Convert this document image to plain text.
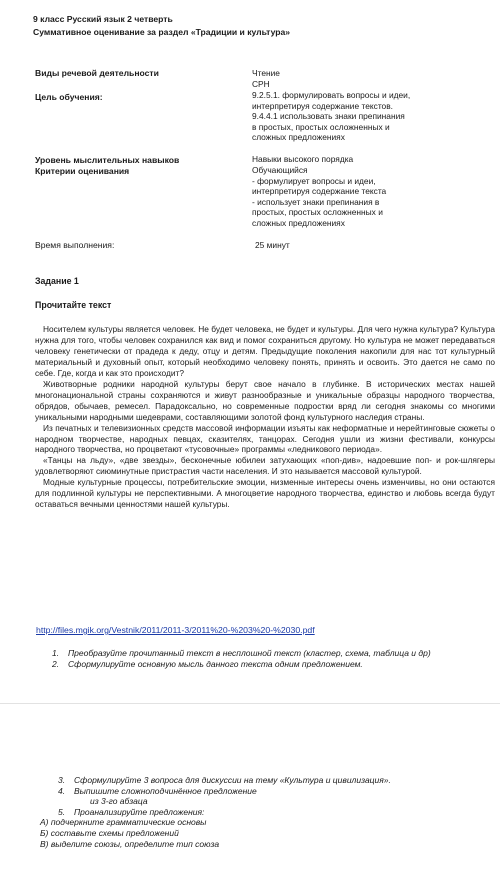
9 класс Русский язык 2 четверть
Суммативное оценивание за раздел «Традиции и культура»
Виды речевой деятельности	Чтение
СРН
Цель обучения:	9.2.5.1. формулировать вопросы и идеи,
интерпретируя содержание текстов.
9.4.4.1 использовать знаки препинания
в простых, простых осложненных и
сложных предложениях
Уровень мыслительных навыков	Навыки высокого порядка
Критерии оценивания	Обучающийся
- формулирует вопросы и идеи,
интерпретируя содержание текста
- использует знаки препинания в
простых, простых осложненных и
сложных предложениях
Время выполнения:	25 минут
Задание 1
Прочитайте текст

Носителем культуры является человек. Не будет человека, не будет и культуры. Для чего нужна культура? Культура нужна для того, чтобы человек сохранился как вид и помог сохраниться другому. Но культура не может передаваться человеку генетически от прадеда к деду, отцу и детям. Предыдущие поколения накопили для нас тот культурный материальный и духовный опыт, который необходимо человеку понять, принять и освоить. Это дается не само по себе. Где, когда и как это происходит?

Животворные родники народной культуры берут свое начало в глубинке. В исторических местах нашей многонациональной страны сохраняются и живут разнообразные и уникальные образцы народного творчества, обрядов, обычаев, ремесел. Парадоксально, но современные подростки вряд ли сегодня знакомы со многими уникальными народными шедеврами, составляющими золотой фонд культурного наследия страны.

Из печатных и телевизионных средств массовой информации изъяты как неформатные и нерейтинговые сюжеты о народном творчестве, народных певцах, сказителях, танцорах. Сегодня ушли из жизни фестивали, конкурсы народного творчества, но процветают «тусовочные» программы «ледникового периода».

«Танцы на льду», «две звезды», бесконечные юбилеи затухающих «поп-див», надоевшие поп- и рок-шлягеры удовлетворяют сиюминутные пристрастия части населения. И это называется массовой культурой.

Модные культурные процессы, потребительские эмоции, низменные интересы очень изменчивы, но они остаются для подлинной культуры не перспективными. А многоцветие народного творчества, единство и любовь всегда будут оставаться вечными ценностями нашей культуры.

http://files.mgik.org/Vestnik/2011/2011-3/2011%20-%203%20-%2030.pdf
1.	Преобразуйте прочитанный текст в несплошной текст (кластер, схема, таблица и др)
2.	Сформулируйте основную мысль данного текста одним предложением.
3.	Сформулируйте 3 вопроса для дискуссии на тему «Культура и цивилизация».
4.	Выпишите сложноподчинённое предложение
из 3-го абзаца
5.	Проанализируйте предложения:
А) подчеркните грамматические основы
Б) составьте схемы предложений
В) выделите союзы, определите тип союза
